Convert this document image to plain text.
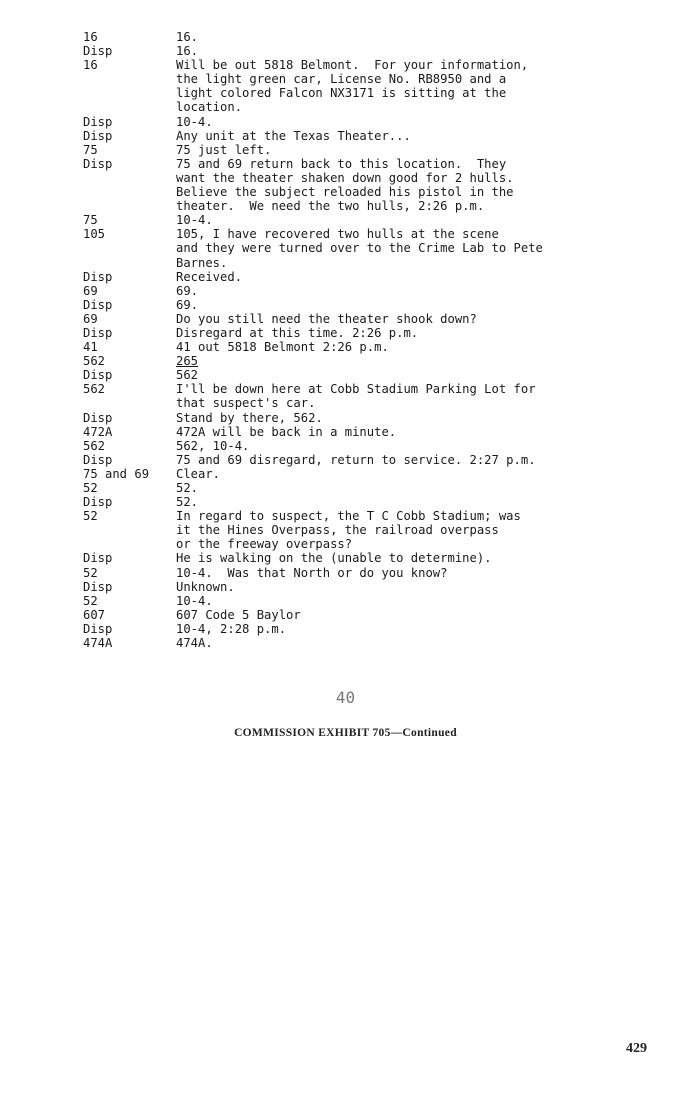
16	16.
Disp	16.
16	Will be out 5818 Belmont.  For your information,
the light green car, License No. RB8950 and a
light colored Falcon NX3171 is sitting at the
location.
Disp	10-4.
Disp	Any unit at the Texas Theater...
75	75 just left.
Disp	75 and 69 return back to this location.  They
want the theater shaken down good for 2 hulls.
Believe the subject reloaded his pistol in the
theater.  We need the two hulls, 2:26 p.m.
75	10-4.
105	105, I have recovered two hulls at the scene
and they were turned over to the Crime Lab to Pete
Barnes.
Disp	Received.
69	69.
Disp	69.
69	Do you still need the theater shook down?
Disp	Disregard at this time. 2:26 p.m.
41	41 out 5818 Belmont 2:26 p.m.
562	265
Disp	562
562	I'll be down here at Cobb Stadium Parking Lot for
that suspect's car.
Disp	Stand by there, 562.
472A	472A will be back in a minute.
562	562, 10-4.
Disp	75 and 69 disregard, return to service. 2:27 p.m.
75 and 69	Clear.
52	52.
Disp	52.
52	In regard to suspect, the T C Cobb Stadium; was
it the Hines Overpass, the railroad overpass
or the freeway overpass?
Disp	He is walking on the (unable to determine).
52	10-4.  Was that North or do you know?
Disp	Unknown.
52	10-4.
607	607 Code 5 Baylor
Disp	10-4, 2:28 p.m.
474A	474A.
40
COMMISSION EXHIBIT 705—Continued
429
